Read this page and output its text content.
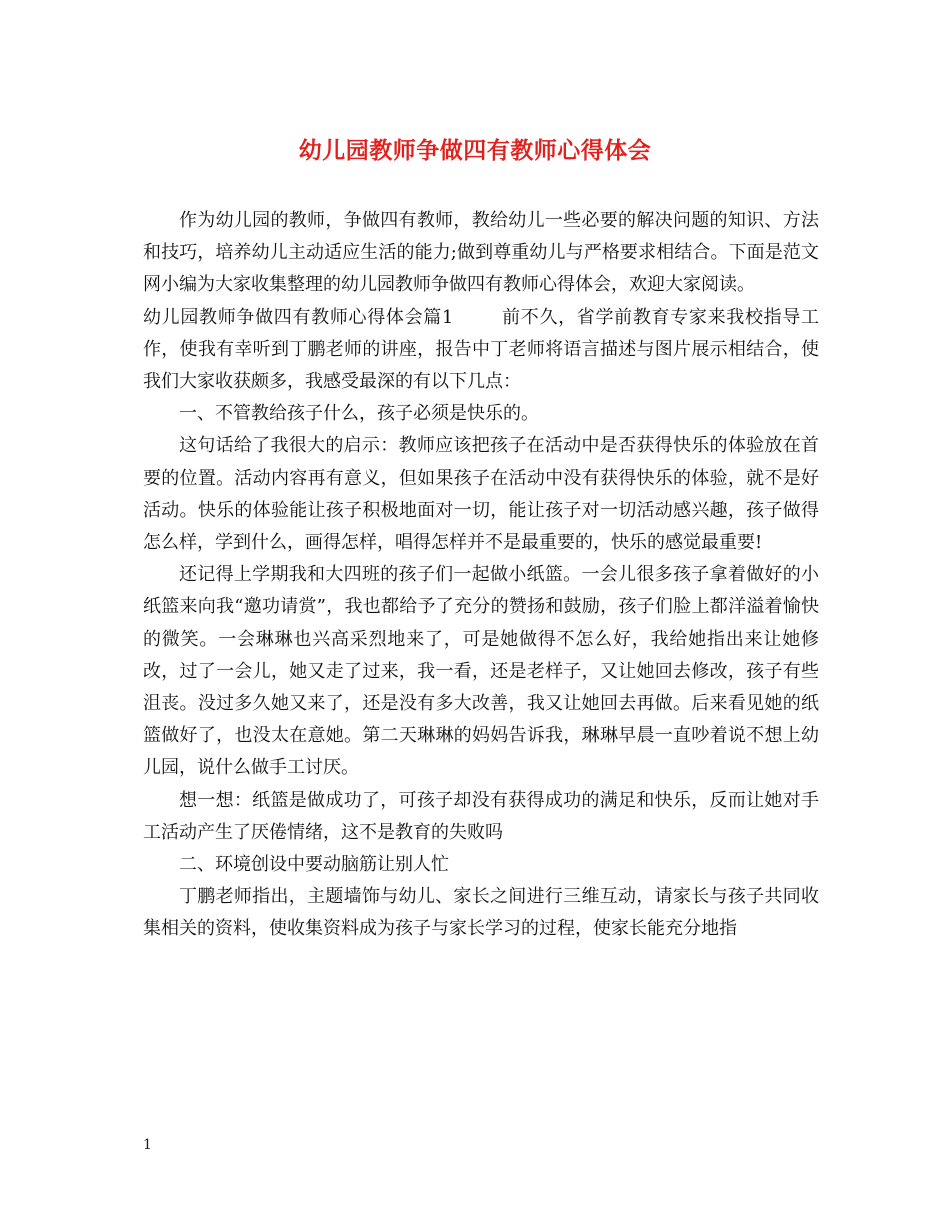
幼儿园教师争做四有教师心得体会

作为幼儿园的教师，争做四有教师，教给幼儿一些必要的解决问题的知识、方法和技巧，培养幼儿主动适应生活的能力;做到尊重幼儿与严格要求相结合。下面是范文网小编为大家收集整理的幼儿园教师争做四有教师心得体会，欢迎大家阅读。

幼儿园教师争做四有教师心得体会篇1	前不久，省学前教育专家来我校指导工作，使我有幸听到丁鹏老师的讲座，报告中丁老师将语言描述与图片展示相结合，使我们大家收获颇多，我感受最深的有以下几点：

一、不管教给孩子什么，孩子必须是快乐的。

这句话给了我很大的启示：教师应该把孩子在活动中是否获得快乐的体验放在首要的位置。活动内容再有意义，但如果孩子在活动中没有获得快乐的体验，就不是好活动。快乐的体验能让孩子积极地面对一切，能让孩子对一切活动感兴趣，孩子做得怎么样，学到什么，画得怎样，唱得怎样并不是最重要的，快乐的感觉最重要!

还记得上学期我和大四班的孩子们一起做小纸篮。一会儿很多孩子拿着做好的小纸篮来向我“邀功请赏”，我也都给予了充分的赞扬和鼓励，孩子们脸上都洋溢着愉快的微笑。一会琳琳也兴高采烈地来了，可是她做得不怎么好，我给她指出来让她修改，过了一会儿，她又走了过来，我一看，还是老样子，又让她回去修改，孩子有些沮丧。没过多久她又来了，还是没有多大改善，我又让她回去再做。后来看见她的纸篮做好了，也没太在意她。第二天琳琳的妈妈告诉我，琳琳早晨一直吵着说不想上幼儿园，说什么做手工讨厌。

想一想：纸篮是做成功了，可孩子却没有获得成功的满足和快乐，反而让她对手工活动产生了厌倦情绪，这不是教育的失败吗

二、环境创设中要动脑筋让别人忙

丁鹏老师指出，主题墙饰与幼儿、家长之间进行三维互动，请家长与孩子共同收集相关的资料，使收集资料成为孩子与家长学习的过程，使家长能充分地指

1
